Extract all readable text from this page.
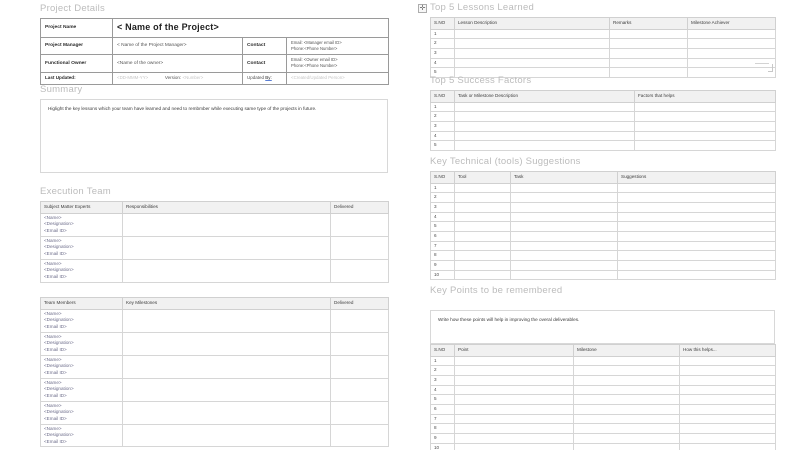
Project Details
Project Name	< Name of the Project>		
Project Manager	< Name of the Project Manager>	Contact	Email: <Manager email ID>
Phone:<Phone Number>

Functional Owner	<Name of the owner>	Contact	Email: <Owner email ID>
Phone:<Phone Number>

Last Updated:	<DD-MMM-YY> Version: <Number>	Updated By:	<Created/Updated Person>
Summary
Higlight the key lessons which your team have learned and need to rembmber while executing same type of the projects in future.
Execution Team
Subject Matter Experts	Responsibilities	Delivered

<Name>
<Designation>
<Email ID>		

<Name>
<Designation>
<Email ID>		

<Name>
<Designation>
<Email ID>		

Team Members	Key Milestones	Delivered

<Name>
<Designation>
<Email ID>		

<Name>
<Designation>
<Email ID>		

<Name>
<Designation>
<Email ID>		

<Name>
<Designation>
<Email ID>		

<Name>
<Designation>
<Email ID>		

<Name>
<Designation>
<Email ID>		

Top 5 Lessons Learned
S.NO	Lesson Description	Remarks	Milestone Achiever
1			
2			
3			
4			
5			
Top 5 Success Factors
S.NO	Task or Milestone Description	Factors that helps
1		
2		
3		
4		
5		
Key Technical (tools) Suggestions
S.NO	Tool	Task	Suggestions
1			
2			
3			
4			
5			
6			
7			
8			
9			
10			
Key Points to be remembered
Write how these points will help in improving the overal deliverables.
S.NO	Point	Milestone	How this helps...
1			
2			
3			
4			
5			
6			
7			
8			
9			
10			
✛
